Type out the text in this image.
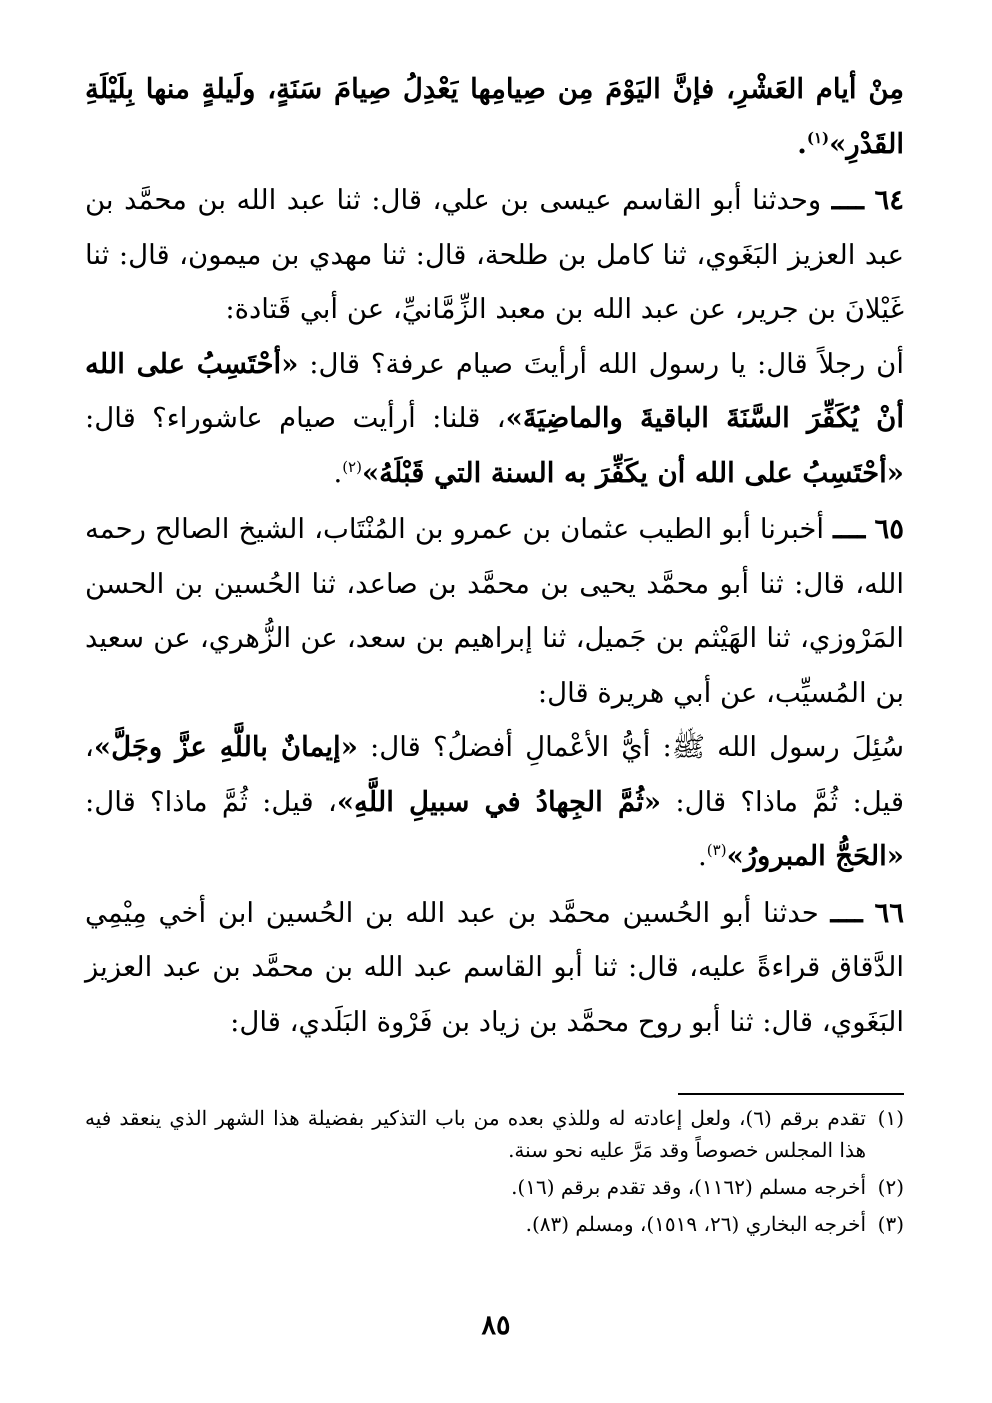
مِنْ أيام العَشْرِ، فإنَّ اليَوْمَ مِن صِيامِها يَعْدِلُ صِيامَ سَنَةٍ، ولَيلةٍ منها بِلَيْلَةِ القَدْرِ»$^{(١)}$.

٦٤ ــــ وحدثنا أبو القاسم عيسى بن علي، قال: ثنا عبد الله بن محمَّد بن عبد العزيز البَغَوي، ثنا كامل بن طلحة، قال: ثنا مهدي بن ميمون، قال: ثنا غَيْلانَ بن جرير، عن عبد الله بن معبد الزِّمَّانيِّ، عن أبي قَتادة:

أن رجلاً قال: يا رسول الله أرأيتَ صيام عرفة؟ قال: «أحْتَسِبُ على الله أنْ يُكَفِّرَ السَّنَةَ الباقيةَ والماضِيَةَ»، قلنا: أرأيت صيام عاشوراء؟ قال: «أحْتَسِبُ على الله أن يكَفِّرَ به السنة التي قَبْلَهُ»$^{(٢)}$.

٦٥ ــــ أخبرنا أبو الطيب عثمان بن عمرو بن المُنْتَاب، الشيخ الصالح رحمه الله، قال: ثنا أبو محمَّد يحيى بن محمَّد بن صاعد، ثنا الحُسين بن الحسن المَرْوزي، ثنا الهَيْثم بن جَميل، ثنا إبراهيم بن سعد، عن الزُّهري، عن سعيد بن المُسيِّب، عن أبي هريرة قال:

سُئِلَ رسول الله ﷺ: أيُّ الأعْمالِ أفضلُ؟ قال: «إيمانٌ باللَّهِ عزَّ وجَلَّ»، قيل: ثُمَّ ماذا؟ قال: «ثُمَّ الجِهادُ في سبيلِ اللَّهِ»، قيل: ثُمَّ ماذا؟ قال: «الحَجُّ المبرورُ»$^{(٣)}$.

٦٦ ــــ حدثنا أبو الحُسين محمَّد بن عبد الله بن الحُسين ابن أخي مِيْمِي الدَّقاق قراءةً عليه، قال: ثنا أبو القاسم عبد الله بن محمَّد بن عبد العزيز البَغَوي، قال: ثنا أبو روح محمَّد بن زياد بن فَرْوة البَلَدي، قال:

(١)
تقدم برقم (٦)، ولعل إعادته له وللذي بعده من باب التذكير بفضيلة هذا الشهر الذي ينعقد فيه هذا المجلس خصوصاً وقد مَرَّ عليه نحو سنة.

(٢)
أخرجه مسلم (١١٦٢)، وقد تقدم برقم (١٦).

(٣)
أخرجه البخاري (٢٦، ١٥١٩)، ومسلم (٨٣).

٨٥
